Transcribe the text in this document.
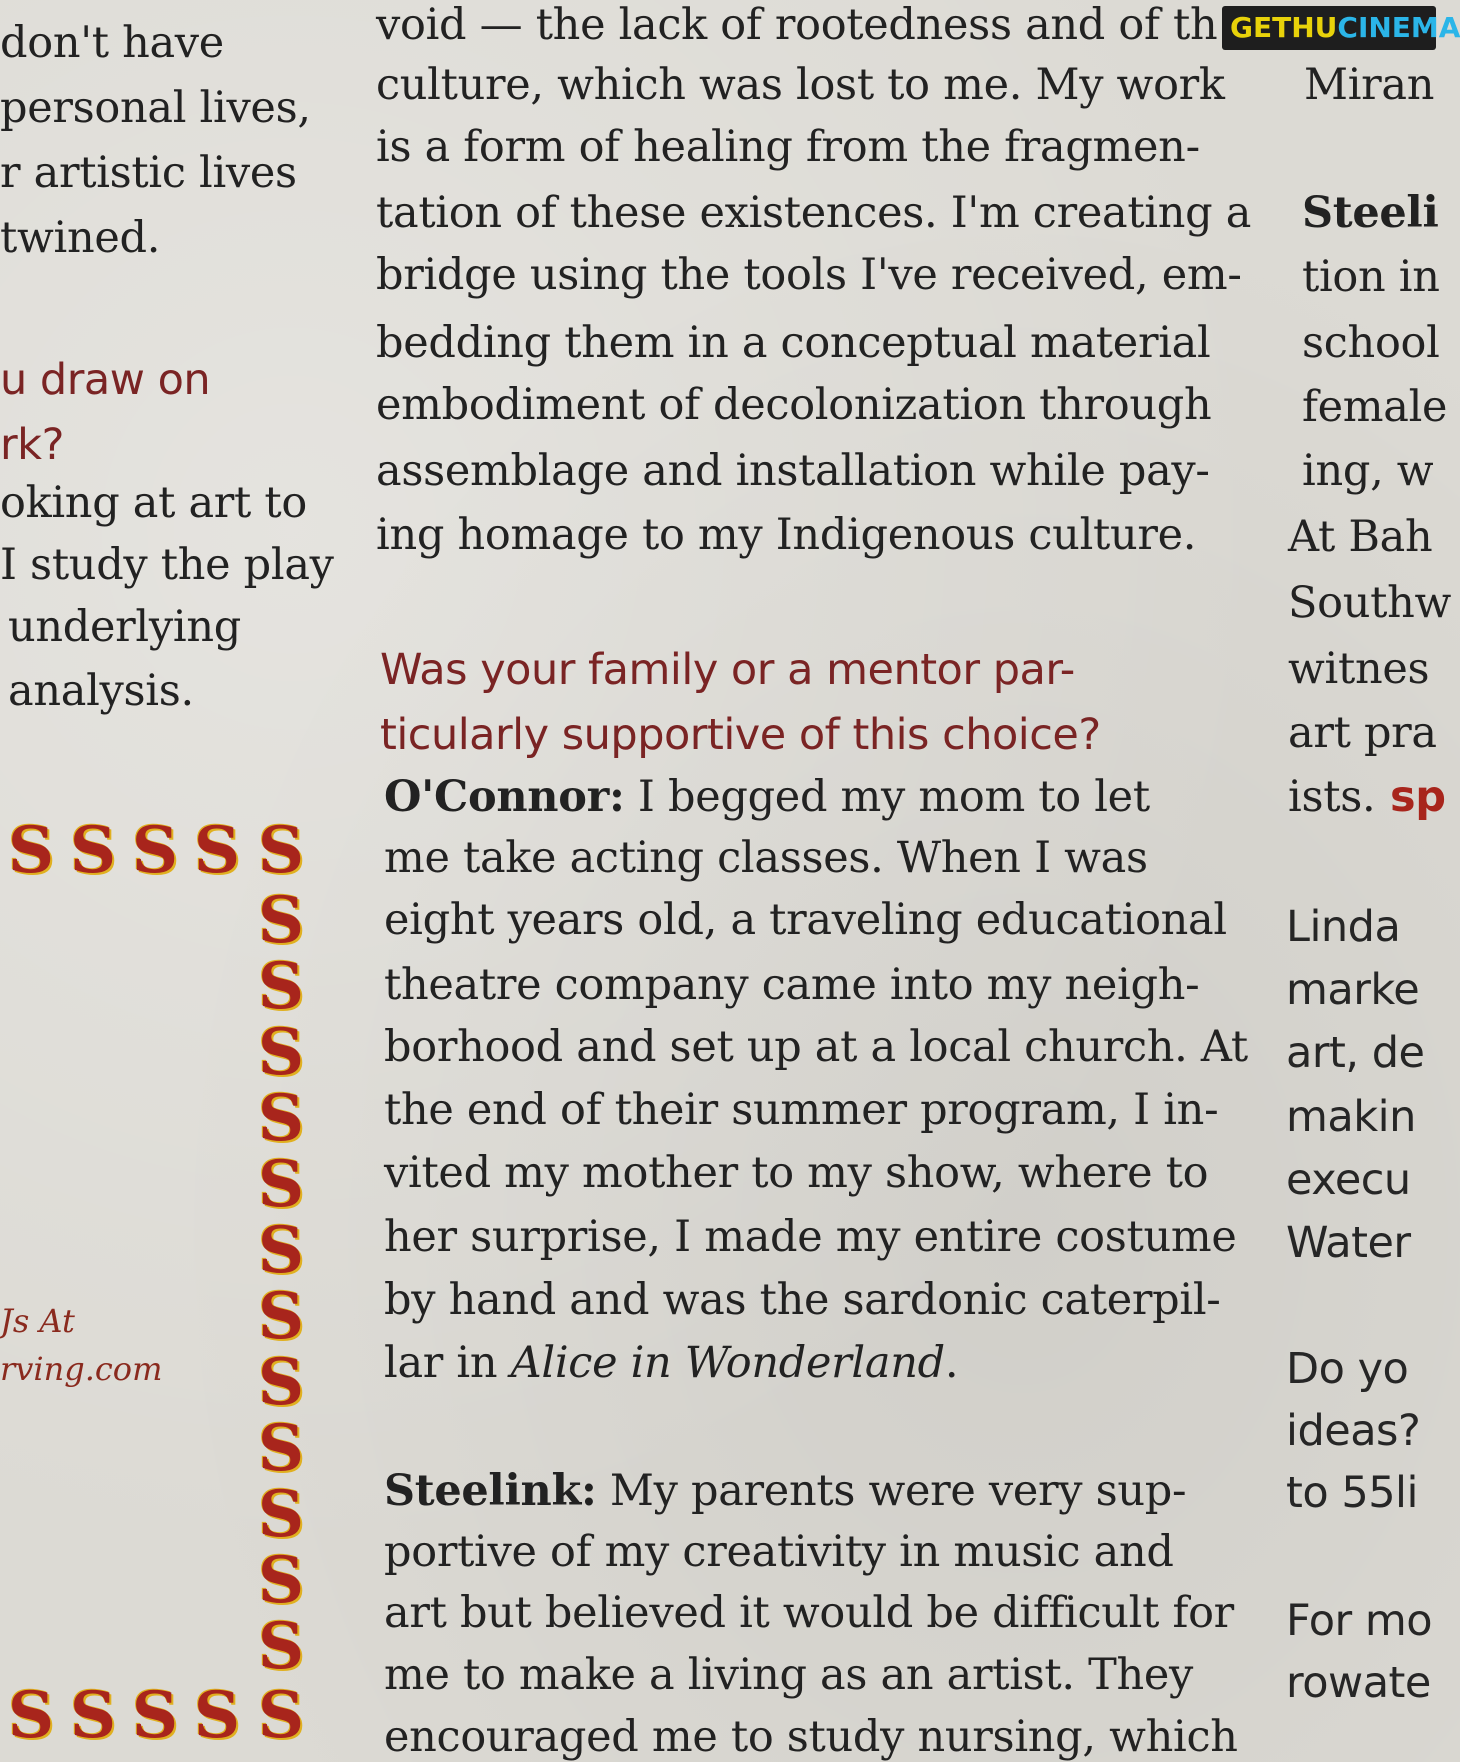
GETHUCINEMA
don't have
personal lives,
r artistic lives
twined.
u draw on
rk?
oking at art to
I study the play
underlying
analysis.
Js At
rving.com
S S S S S
S
S
S
S
S
S
S
S
S
S
S
S
S S S S S
void — the lack of rootedness and of th
culture, which was lost to me. My work
is a form of healing from the fragmen-
tation of these existences. I'm creating a
bridge using the tools I've received, em-
bedding them in a conceptual material
embodiment of decolonization through
assemblage and installation while pay-
ing homage to my Indigenous culture.
Was your family or a mentor par-
ticularly supportive of this choice?
O'Connor: I begged my mom to let
me take acting classes. When I was
eight years old, a traveling educational
theatre company came into my neigh-
borhood and set up at a local church. At
the end of their summer program, I in-
vited my mother to my show, where to
her surprise, I made my entire costume
by hand and was the sardonic caterpil-
lar in Alice in Wonderland.
Steelink: My parents were very sup-
portive of my creativity in music and
art but believed it would be difficult for
me to make a living as an artist. They
encouraged me to study nursing, which
Miran
Steeli
tion in
school
female
ing, w
At Bah
Southw
witnes
art pra
ists. sp
Linda
marke
art, de
makin
execu
Water
Do yo
ideas?
to 55li
For mo
rowate
